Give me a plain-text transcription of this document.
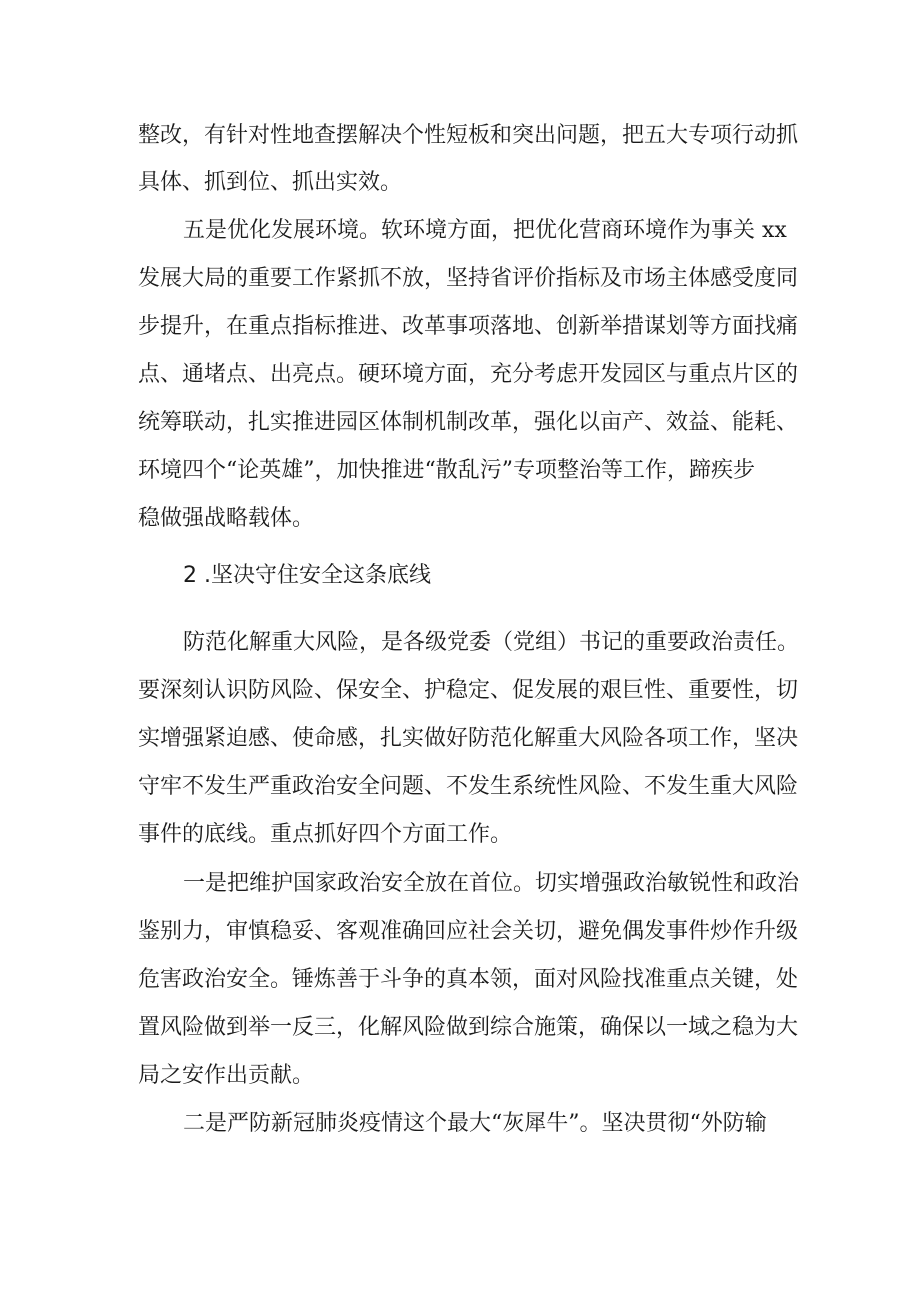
整改，有针对性地查摆解决个性短板和突出问题，把五大专项行动抓
具体、抓到位、抓出实效。
五是优化发展环境。软环境方面，把优化营商环境作为事关 xx
发展大局的重要工作紧抓不放，坚持省评价指标及市场主体感受度同
步提升，在重点指标推进、改革事项落地、创新举措谋划等方面找痛
点、通堵点、出亮点。硬环境方面，充分考虑开发园区与重点片区的
统筹联动，扎实推进园区体制机制改革，强化以亩产、效益、能耗、
环境四个“论英雄”，加快推进“散乱污”专项整治等工作，蹄疾步
稳做强战略载体。
2 .坚决守住安全这条底线
防范化解重大风险，是各级党委（党组）书记的重要政治责任。
要深刻认识防风险、保安全、护稳定、促发展的艰巨性、重要性，切
实增强紧迫感、使命感，扎实做好防范化解重大风险各项工作，坚决
守牢不发生严重政治安全问题、不发生系统性风险、不发生重大风险
事件的底线。重点抓好四个方面工作。
一是把维护国家政治安全放在首位。切实增强政治敏锐性和政治
鉴别力，审慎稳妥、客观准确回应社会关切，避免偶发事件炒作升级
危害政治安全。锤炼善于斗争的真本领，面对风险找准重点关键，处
置风险做到举一反三，化解风险做到综合施策，确保以一域之稳为大
局之安作出贡献。
二是严防新冠肺炎疫情这个最大“灰犀牛”。坚决贯彻“外防输
